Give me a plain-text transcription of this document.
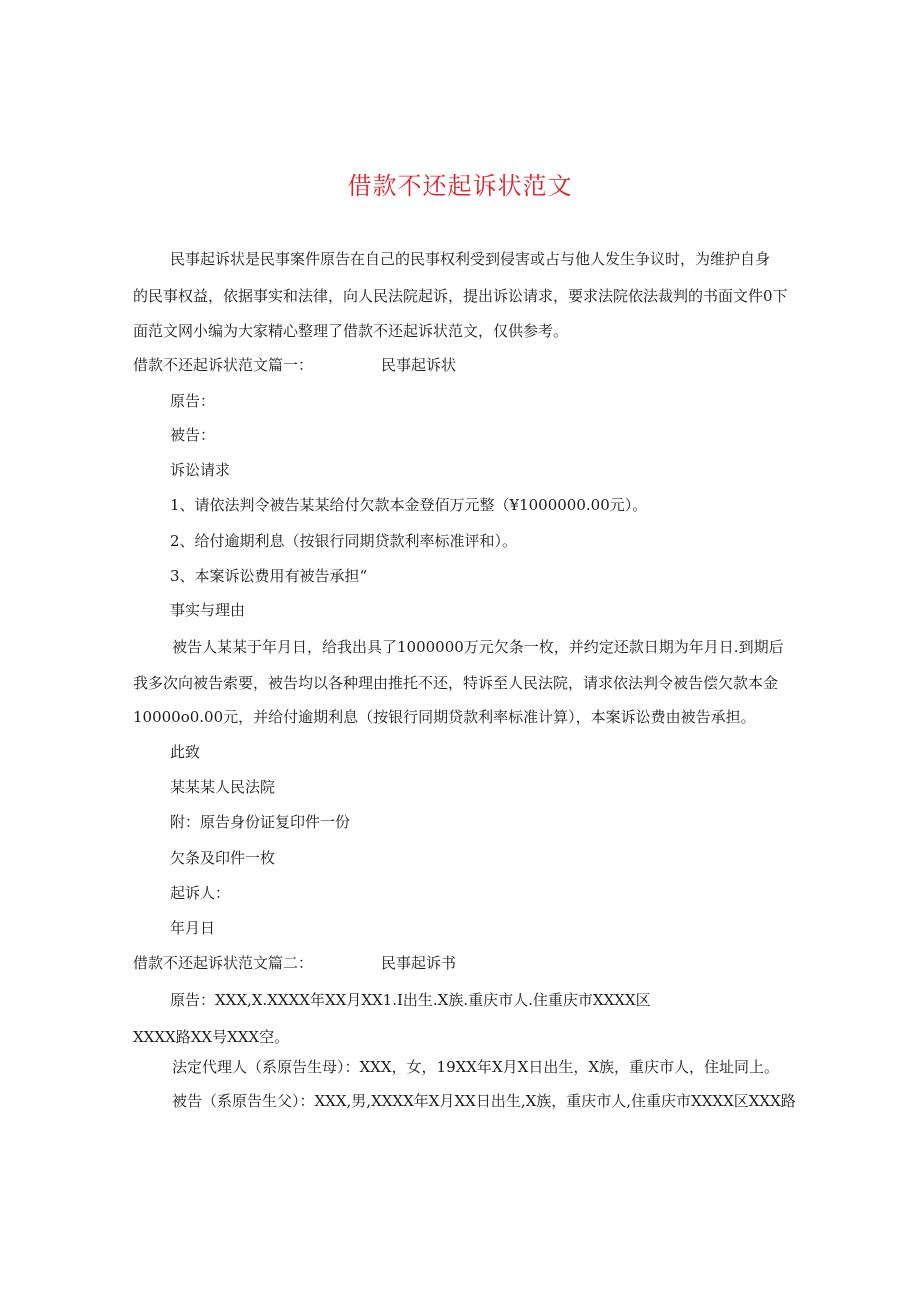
借款不还起诉状范文
民事起诉状是民事案件原告在自己的民事权利受到侵害或占与他人发生争议时，为维护自身
的民事权益，依据事实和法律，向人民法院起诉，提出诉讼请求，要求法院依法裁判的书面文件0下
面范文网小编为大家精心整理了借款不还起诉状范文，仅供参考。
借款不还起诉状范文篇一：	民事起诉状
原告：
被告：
诉讼请求
1、请依法判令被告某某给付欠款本金登佰万元整（¥1000000.00元）。
2、给付逾期利息（按银行同期贷款利率标准评和）。
3、本案诉讼费用有被告承担“
事实与理由
被告人某某于年月日，给我出具了1000000万元欠条一枚，并约定还款日期为年月日.到期后
我多次向被告索要，被告均以各种理由推托不还，特诉至人民法院，请求依法判令被告偿欠款本金
10000o0.00元，并给付逾期利息（按银行同期贷款利率标准计算），本案诉讼费由被告承担。
此致
某某某人民法院
附：原告身份证复印件一份
欠条及印件一枚
起诉人：
年月日
借款不还起诉状范文篇二：	民事起诉书
原告：XXX,X.XXXX年XX月XX1.I出生.X族.重庆市人.住重庆市XXXX区
XXXX路XX号XXX空。
法定代理人（系原告生母）：XXX，女，19XX年X月X日出生，X族，重庆市人，住址同上。
被告（系原告生父）：XXX,男,XXXX年X月XX日出生,X族，重庆市人,住重庆市XXXX区XXX路
